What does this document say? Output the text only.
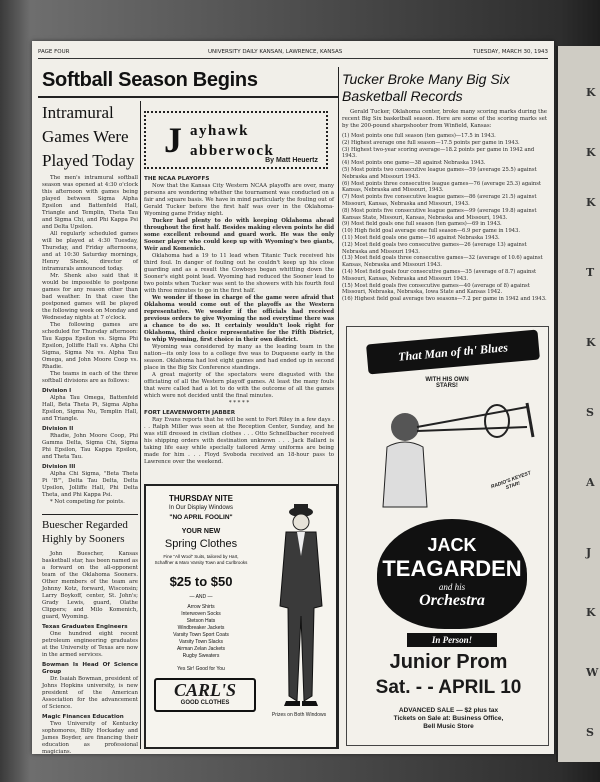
K
K
K
T
K
S
A
J
K
W
S
PAGE FOUR	UNIVERSITY DAILY KANSAN, LAWRENCE, KANSAS	TUESDAY, MARCH 30, 1943
Softball Season Begins
Intramural Games Were Played Today

The men's intramural softball season was opened at 4:30 o'clock this afternoon with games being played between Sigma Alpha Epsilon and Battenfeld Hall, Triangle and Templin, Theta Tau and Sigma Chi, and Phi Kappa Psi and Delta Upsilon.

All regularly scheduled games will be played at 4:30 Tuesday, Thursday, and Friday afternoons, and at 10:30 Saturday mornings, Henry Shenk, director of intramurals announced today.

Mr. Shenk also said that it would be impossible to postpone games for any reason other than bad weather. In that case the postponed games will be played the following week on Monday and Wednesday nights at 7 o'clock.

The following games are scheduled for Thursday afternoon: Tau Kappa Epsilon vs. Sigma Phi Epsilon, Jolliffe Hall vs. Alpha Chi Sigma, Sigma Nu vs. Alpha Tau Omega, and John Moore Coop vs. Rhadie.

The teams in each of the three softball divisions are as follows:

Division I

Alpha Tau Omega, Battenfeld Hall, Beta Theta Pi, Sigma Alpha Epsilon, Sigma Nu, Templin Hall, and Triangle.

Division II

Rhadie, John Moore Coop, Phi Gamma Delta, Sigma Chi, Sigma Phi Epsilon, Tau Kappa Epsilon, and Theta Tau.

Division III

Alpha Chi Sigma, "Beta Theta Pi 'B'", Delta Tau Delta, Delta Upsilon, Jolliffe Hall, Phi Delta Theta, and Phi Kappa Psi.

* Not competing for points.

Buescher Regarded Highly by Sooners

John Buescher, Kansas basketball star, has been named as a forward on the all-opponent team of the Oklahoma Sooners. Other members of the team are Johnny Kotz, forward, Wisconsin; Larry Boykoff, center, St. John's; Grady Lewis, guard, Olathe Clippers; and Milo Komenich, guard, Wyoming.

Texas Graduates Engineers

One hundred eight recent petroleum engineering graduates at the University of Texas are now in the armed services.

Bowman Is Head Of Science Group

Dr. Isaiah Bowman, president of Johns Hopkins university, is new president of the American Association for the advancement of Science.

Magic Finances Education

Two University of Kentucky sophomores, Billy Hockaday and James Boyder, are financing their education as professional magicians.

J ayhawk
abberwock
By Matt Heuertz
THE NCAA PLAYOFFS

Now that the Kansas City Western NCAA playoffs are over, many persons are wondering whether the tournament was conducted on a fair and square basis. We have in mind particularly the fouling out of Gerald Tucker before the first half was over in the Oklahoma-Wyoming game Friday night.

Tucker had plenty to do with keeping Oklahoma ahead throughout the first half. Besides making eleven points he did some excellent rebound and guard work. He was the only Sooner player who could keep up with Wyoming's two giants, Weir and Komenich.

Oklahoma had a 19 to 11 lead when Titanic Tuck received his third foul. In danger of fouling out he couldn't keep up his close guarding and as a result the Cowboys began whittling down the Sooner's eight point lead. Wyoming had reduced the Sooner lead to two points when Tucker was sent to the showers with his fourth foul with three minutes to go in the first half.

We wonder if those in charge of the game were afraid that Oklahoma would come out of the playoffs as the Western representative. We wonder if the officials had received previous orders to give Wyoming the nod everytime there was a chance to do so. It certainly wouldn't look right for Oklahoma, third choice representative for the Fifth District, to whip Wyoming, first choice in their own district.

Wyoming was considered by many as the leading team in the nation—its only loss to a college five was to Duquesne early in the season. Oklahoma had lost eight games and had ended up in second place in the Big Six Conference standings.

A great majority of the spectators were disgusted with the officiating of all the Western playoff games. At least the many fouls that were called had a lot to do with the outcome of all the games which were not decided until the final minutes.

* * * * *
FORT LEAVENWORTH JABBER

Ray Evans reports that he will be sent to Fort Riley in a few days . . . Ralph Miller was seen at the Reception Center, Sunday, and he was still dressed in civilian clothes . . . Otto Schnellbacher received his shipping orders with destination unknown . . . Jack Ballard is taking life easy while specially tailored Army uniforms are being made for him . . . Floyd Svoboda received an 18-hour pass to Lawrence over the weekend.

Tucker Broke Many Big Six Basketball Records

Gerald Tucker, Oklahoma center, broke many scoring marks during the recent Big Six basketball season. Here are some of the scoring marks set by the 200-pound sharpshooter from Winfield, Kansas:

(1) Most points one full season (ten games)—17.5 in 1943.
(2) Highest average one full season—17.5 points per game in 1943.
(3) Highest two-year scoring average—18.2 points per game in 1942 and 1943.
(4) Most points one game—38 against Nebraska 1943.
(5) Most points two consecutive league games—59 (average 25.5) against Nebraska and Missouri 1943.
(6) Most points three consecutive league games—76 (average 25.3) against Kansas, Nebraska and Missouri, 1943.
(7) Most points five consecutive league games—86 (average 21.5) against Missouri, Kansas, Nebraska and Missouri, 1943.
(8) Most points five consecutive league games—99 (average 19.8) against Kansas State, Missouri, Kansas, Nebraska and Missouri, 1943.
(9) Most field goals one full season (ten games)—69 in 1943.
(10) High field goal average one full season—6.9 per game in 1943.
(11) Most field goals one game—16 against Nebraska 1943.
(12) Most field goals two consecutive games—26 (average 13) against Nebraska and Missouri 1943.
(13) Most field goals three consecutive games—32 (average of 10.6) against Kansas, Nebraska and Missouri 1943.
(14) Most field goals four consecutive games—35 (average of 8.7) against Missouri, Kansas, Nebraska and Missouri 1943.
(15) Most field goals five consecutive games—40 (average of 8) against Missouri, Nebraska, Nebraska, Iowa State and Kansas 1942.
(16) Highest field goal average two seasons—7.2 per game in 1942 and 1943.
THURSDAY NITE
In Our Display Windows
"NO APRIL FOOLIN"
YOUR NEW
Spring Clothes
Fine "All Wool" Suits, tailored by Hart, Schaffner & Marx Varsity Town and Curlbrooks
$25 to $50
— AND —
Arrow Shirts
Interwoven Socks
Stetson Hats
Windbreaker Jackets
Varsity Town Sport Coats
Varsity Town Slacks
Airman Zelan Jackets
Rugby Sweaters
Yes Sir! Good for You
CARL'S
GOOD CLOTHES
Prizes on Both Windows
That Man of th' Blues
WITH HIS OWN STARS!
RADIO'S KEYEST STAR!
JACK
TEAGARDEN
and his
Orchestra
In Person!
Junior Prom
Sat. - - APRIL 10
ADVANCED SALE — $2 plus tax
Tickets on Sale at: Business Office,
Bell Music Store
